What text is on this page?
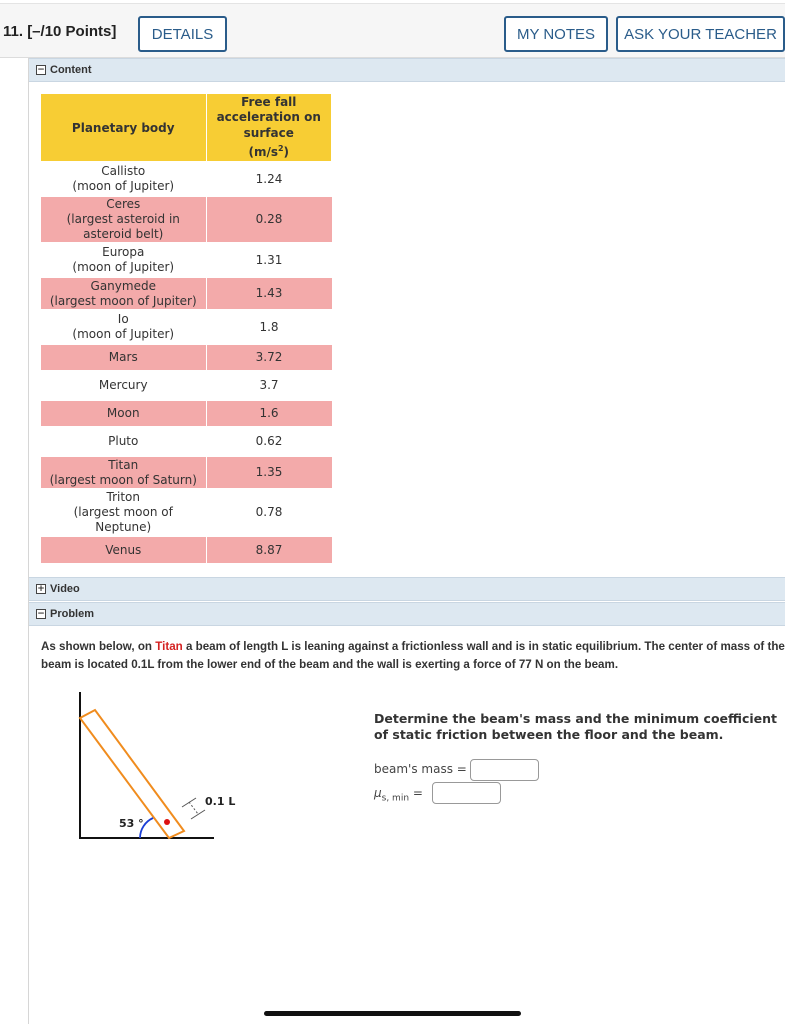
11. [–/10 Points]	DETAILS	MY NOTES	ASK YOUR TEACHER
− Content
Planetary body	Free fall acceleration on surface
$(m/s^2)$

Callisto
(moon of Jupiter)	1.24
Ceres
(largest asteroid in asteroid belt)	0.28
Europa
(moon of Jupiter)	1.31
Ganymede
(largest moon of Jupiter)	1.43
Io
(moon of Jupiter)	1.8
Mars	3.72
Mercury	3.7
Moon	1.6
Pluto	0.62
Titan
(largest moon of Saturn)	1.35
Triton
(largest moon of Neptune)	0.78
Venus	8.87
+ Video
− Problem
As shown below, on Titan a beam of length L is leaning against a frictionless wall and is in static equilibrium. The center of mass of the beam is located 0.1L from the lower end of the beam and the wall is exerting a force of 77 N on the beam.
53 °
0.1 L
Determine the beam's mass and the minimum coefficient of static friction between the floor and the beam.
beam's mass =
$\mu_{s, min}$ =
